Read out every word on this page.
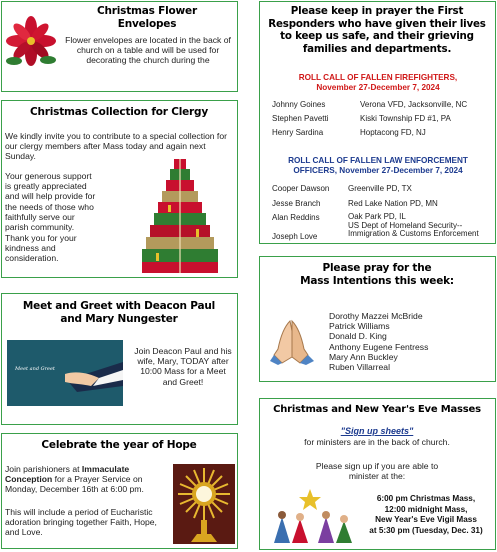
Christmas Flower
Envelopes
Flower envelopes are located in the back of church on a table and will be used for decorating the church during the
Christmas Collection for Clergy
We kindly invite you to contribute to a special collection for our clergy members after Mass today and again next Sunday.
Your generous support is greatly appreciated and will help provide for the needs of those who faithfully serve our parish community.
Thank you for your kindness and consideration.
Meet and Greet with Deacon Paul
and Mary Nungester
Meet and Greet
Join Deacon Paul and his wife, Mary, TODAY after 10:00 Mass for a Meet and Greet!
Celebrate the year of Hope
Join parishioners at Immaculate Conception for a Prayer Service on Monday, December 16th at 6:00 pm.
This will include a period of Eucharistic adoration bringing together Faith, Hope, and Love.
Please keep in prayer the First Responders who have given their lives to keep us safe, and their grieving families and departments.
ROLL CALL OF FALLEN FIREFIGHTERS,
November 27-December 7, 2024
Johnny Goines	Verona VFD, Jacksonville, NC
Stephen Pavetti	Kiski Township FD #1, PA
Henry Sardina	Hoptacong FD, NJ
ROLL CALL OF FALLEN LAW ENFORCEMENT
OFFICERS, November 27-December 7, 2024
Cooper Dawson Greenville PD, TX
Jesse Branch	Red Lake Nation PD, MN
Alan Reddins	Oak Park PD, IL
US Dept of Homeland Security--
Immigration & Customs Enforcement
Joseph Love
Please pray for the
Mass Intentions this week:
Dorothy Mazzei McBride
Patrick Williams
Donald D. King
Anthony Eugene Fentress
Mary Ann Buckley
Ruben Villarreal
Christmas and New Year's Eve Masses
"Sign up sheets"
for ministers are in the back of church.
Please sign up if you are able to minister at the:
6:00 pm Christmas Mass,
12:00 midnight Mass,
New Year's Eve Vigil Mass
at 5:30 pm (Tuesday, Dec. 31)
